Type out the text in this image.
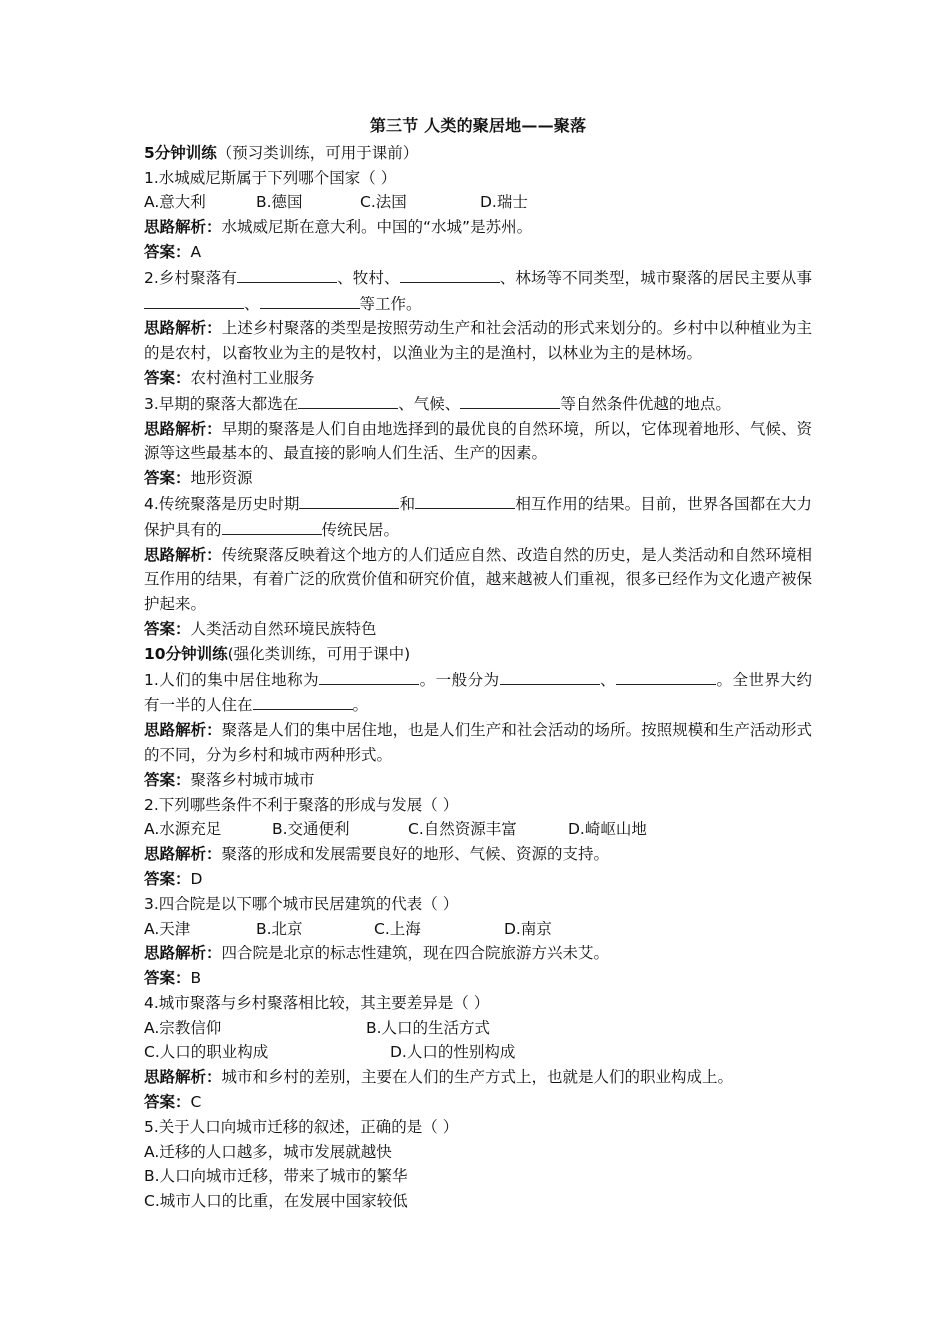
第三节 人类的聚居地——聚落
5分钟训练（预习类训练，可用于课前）
1.水城威尼斯属于下列哪个国家（ ）
A.意大利	B.德国	C.法国	D.瑞士
思路解析：水城威尼斯在意大利。中国的“水城”是苏州。
答案：A
2.乡村聚落有	、牧村、	、林场等不同类型，城市聚落的居民主要从事、	等工作。
思路解析：上述乡村聚落的类型是按照劳动生产和社会活动的形式来划分的。乡村中以种植业为主的是农村，以畜牧业为主的是牧村，以渔业为主的是渔村，以林业为主的是林场。
答案：农村渔村工业服务
3.早期的聚落大都选在	、气候、	等自然条件优越的地点。
思路解析：早期的聚落是人们自由地选择到的最优良的自然环境，所以，它体现着地形、气候、资源等这些最基本的、最直接的影响人们生活、生产的因素。
答案：地形资源
4.传统聚落是历史时期	和	相互作用的结果。目前，世界各国都在大力保护具有的	传统民居。
思路解析：传统聚落反映着这个地方的人们适应自然、改造自然的历史，是人类活动和自然环境相互作用的结果，有着广泛的欣赏价值和研究价值，越来越被人们重视，很多已经作为文化遗产被保护起来。
答案：人类活动自然环境民族特色
10分钟训练(强化类训练，可用于课中)
1.人们的集中居住地称为	。一般分为	、	。全世界大约有一半的人住在	。
思路解析：聚落是人们的集中居住地，也是人们生产和社会活动的场所。按照规模和生产活动形式的不同，分为乡村和城市两种形式。
答案：聚落乡村城市城市
2.下列哪些条件不利于聚落的形成与发展（ ）
A.水源充足	B.交通便利	C.自然资源丰富	D.崎岖山地
思路解析：聚落的形成和发展需要良好的地形、气候、资源的支持。
答案：D
3.四合院是以下哪个城市民居建筑的代表（ ）
A.天津	B.北京	C.上海	D.南京
思路解析：四合院是北京的标志性建筑，现在四合院旅游方兴未艾。
答案：B
4.城市聚落与乡村聚落相比较，其主要差异是（ ）
A.宗教信仰	B.人口的生活方式
C.人口的职业构成	D.人口的性别构成
思路解析：城市和乡村的差别，主要在人们的生产方式上，也就是人们的职业构成上。
答案：C
5.关于人口向城市迁移的叙述，正确的是（ ）
A.迁移的人口越多，城市发展就越快
B.人口向城市迁移，带来了城市的繁华
C.城市人口的比重，在发展中国家较低
